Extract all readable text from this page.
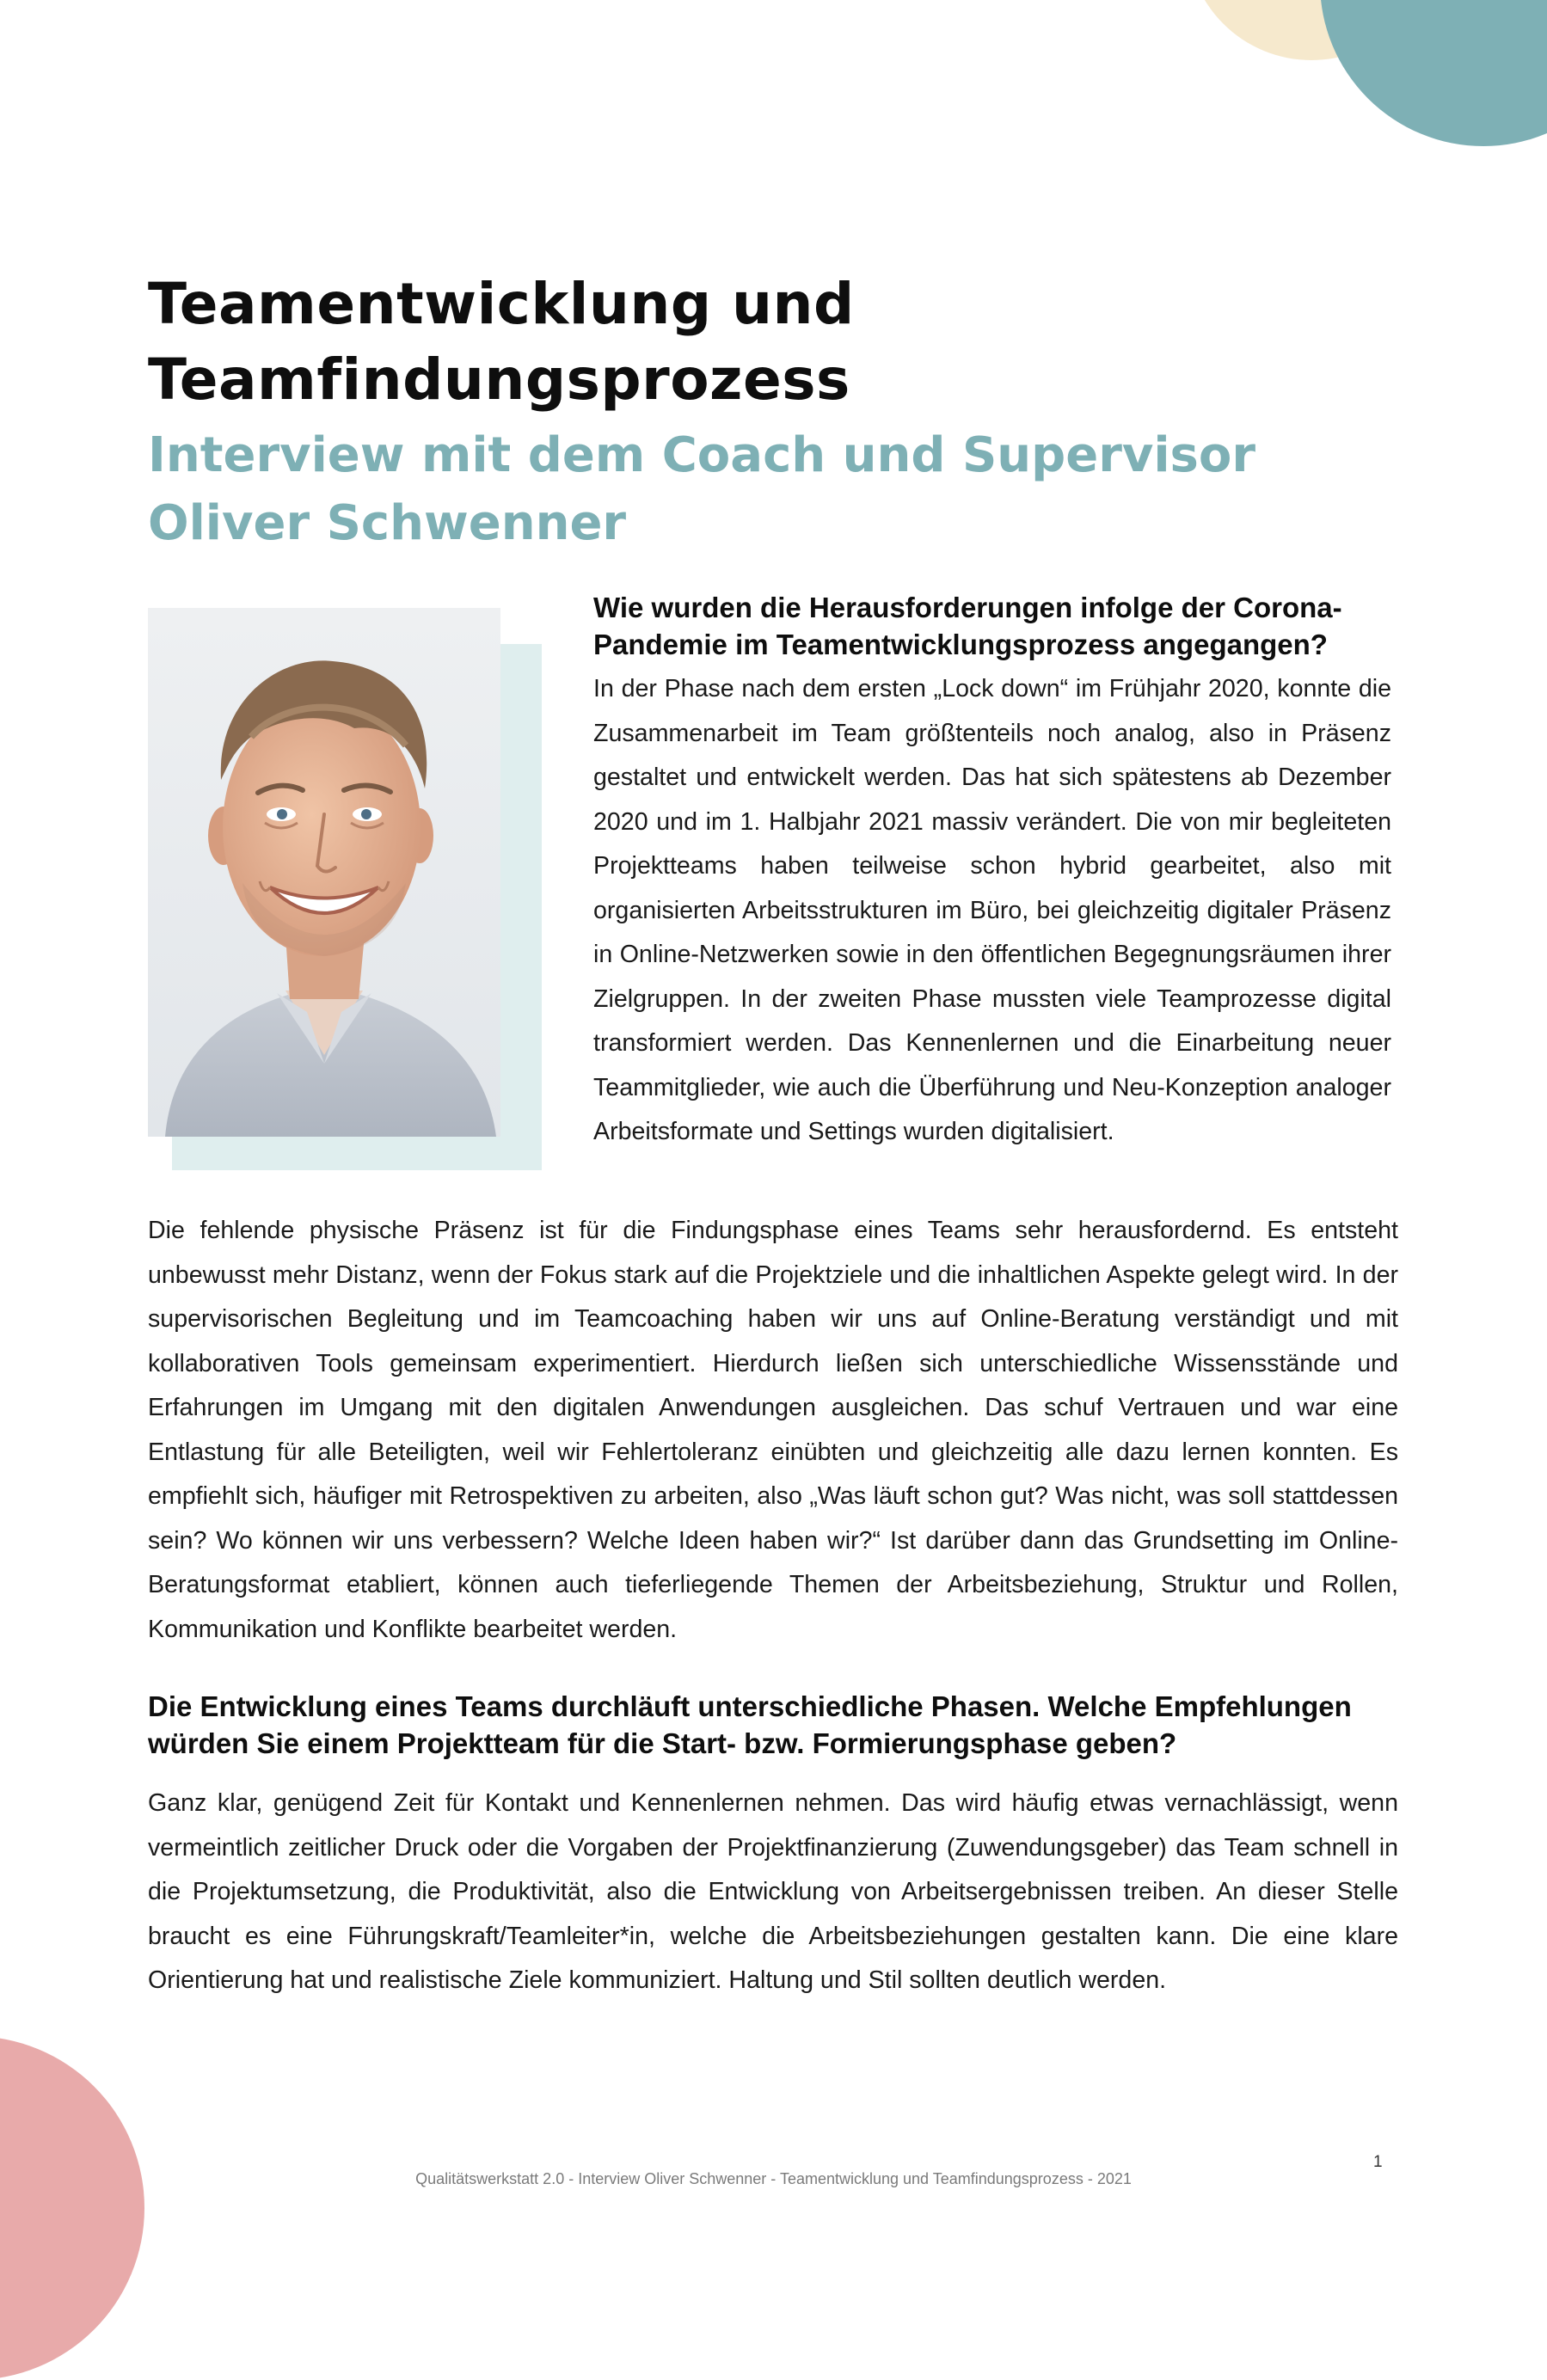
Teamentwicklung und
Teamfindungsprozess
Interview mit dem Coach und Supervisor
Oliver Schwenner
Wie wurden die Herausforderungen infolge der Corona-Pandemie im Teamentwicklungsprozess angegangen?

In der Phase nach dem ersten „Lock down“ im Frühjahr 2020, konnte die Zusammenarbeit im Team größtenteils noch analog, also in Präsenz gestaltet und entwickelt werden. Das hat sich spätestens ab Dezember 2020 und im 1. Halbjahr 2021 massiv verändert. Die von mir begleiteten Projektteams haben teilweise schon hybrid gearbeitet, also mit organisierten Arbeitsstrukturen im Büro, bei gleichzeitig digitaler Präsenz in Online-Netzwerken sowie in den öffentlichen Begegnungsräumen ihrer Zielgruppen. In der zweiten Phase mussten viele Teamprozesse digital transformiert werden. Das Kennenlernen und die Einarbeitung neuer Teammitglieder, wie auch die Überführung und Neu-Konzeption analoger Arbeitsformate und Settings wurden digitalisiert.

Die fehlende physische Präsenz ist für die Findungsphase eines Teams sehr herausfordernd. Es entsteht unbewusst mehr Distanz, wenn der Fokus stark auf die Projektziele und die inhaltlichen Aspekte gelegt wird. In der supervisorischen Begleitung und im Teamcoaching haben wir uns auf Online-Beratung verständigt und mit kollaborativen Tools gemeinsam experimentiert. Hierdurch ließen sich unterschiedliche Wissensstände und Erfahrungen im Umgang mit den digitalen Anwendungen ausgleichen. Das schuf Vertrauen und war eine Entlastung für alle Beteiligten, weil wir Fehlertoleranz einübten und gleichzeitig alle dazu lernen konnten. Es empfiehlt sich, häufiger mit Retrospektiven zu arbeiten, also „Was läuft schon gut? Was nicht, was soll stattdessen sein? Wo können wir uns verbessern? Welche Ideen haben wir?“ Ist darüber dann das Grundsetting im Online-Beratungsformat etabliert, können auch tieferliegende Themen der Arbeitsbeziehung, Struktur und Rollen, Kommunikation und Konflikte bearbeitet werden.

Die Entwicklung eines Teams durchläuft unterschiedliche Phasen. Welche Empfehlungen würden Sie einem Projektteam für die Start- bzw. Formierungsphase geben?

Ganz klar, genügend Zeit für Kontakt und Kennenlernen nehmen. Das wird häufig etwas vernachlässigt, wenn vermeintlich zeitlicher Druck oder die Vorgaben der Projektfinanzierung (Zuwendungsgeber) das Team schnell in die Projektumsetzung, die Produktivität, also die Entwicklung von Arbeitsergebnissen treiben. An dieser Stelle braucht es eine Führungskraft/Teamleiter*in, welche die Arbeitsbeziehungen gestalten kann. Die eine klare Orientierung hat und realistische Ziele kommuniziert. Haltung und Stil sollten deutlich werden.

Qualitätswerkstatt 2.0 - Interview Oliver Schwenner - Teamentwicklung und Teamfindungsprozess - 2021

1
